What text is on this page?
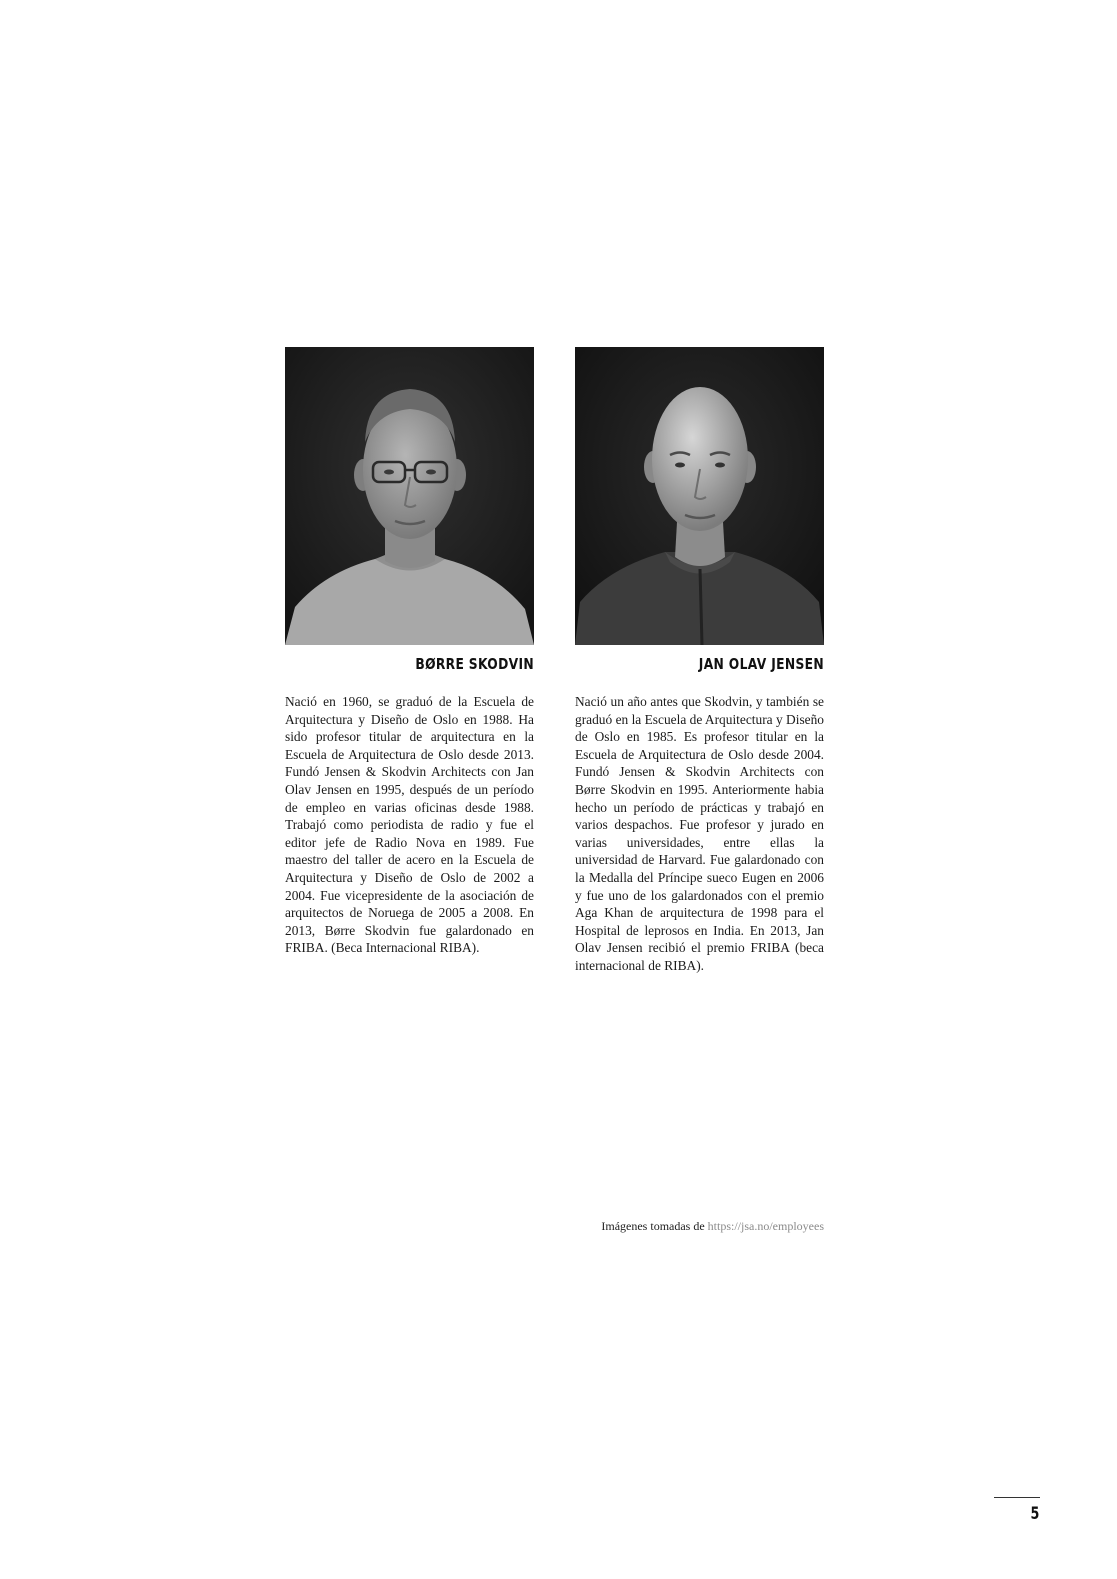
BØRRE SKODVIN
Nació en 1960, se graduó de la Escuela de Arquitectura y Diseño de Oslo en 1988. Ha sido profesor titular de arquitectura en la Escuela de Arquitectura de Oslo desde 2013. Fundó Jensen & Skodvin Architects con Jan Olav Jensen en 1995, después de un período de empleo en varias oficinas desde 1988. Trabajó como periodista de radio y fue el editor jefe de Radio Nova en 1989. Fue maestro del taller de acero en la Escuela de Arquitectura y Diseño de Oslo de 2002 a 2004. Fue vicepresidente de la asociación de arquitectos de Noruega de 2005 a 2008. En 2013, Børre Skodvin fue galardonado en FRIBA. (Beca Internacional RIBA).
JAN OLAV JENSEN
Nació un año antes que Skodvin, y también se graduó en la Escuela de Arquitectura y Diseño de Oslo en 1985. Es profesor titular en la Escuela de Arquitectura de Oslo desde 2004. Fundó Jensen & Skodvin Architects con Børre Skodvin en 1995. Anteriormente habia hecho un período de prácticas y trabajó en varios despachos. Fue profesor y jurado en varias universidades, entre ellas la universidad de Harvard. Fue galardonado con la Medalla del Príncipe sueco Eugen en 2006 y fue uno de los galardonados con el premio Aga Khan de arquitectura de 1998 para el Hospital de leprosos en India. En 2013, Jan Olav Jensen recibió el premio FRIBA (beca internacional de RIBA).
Imágenes tomadas de https://jsa.no/employees
5
